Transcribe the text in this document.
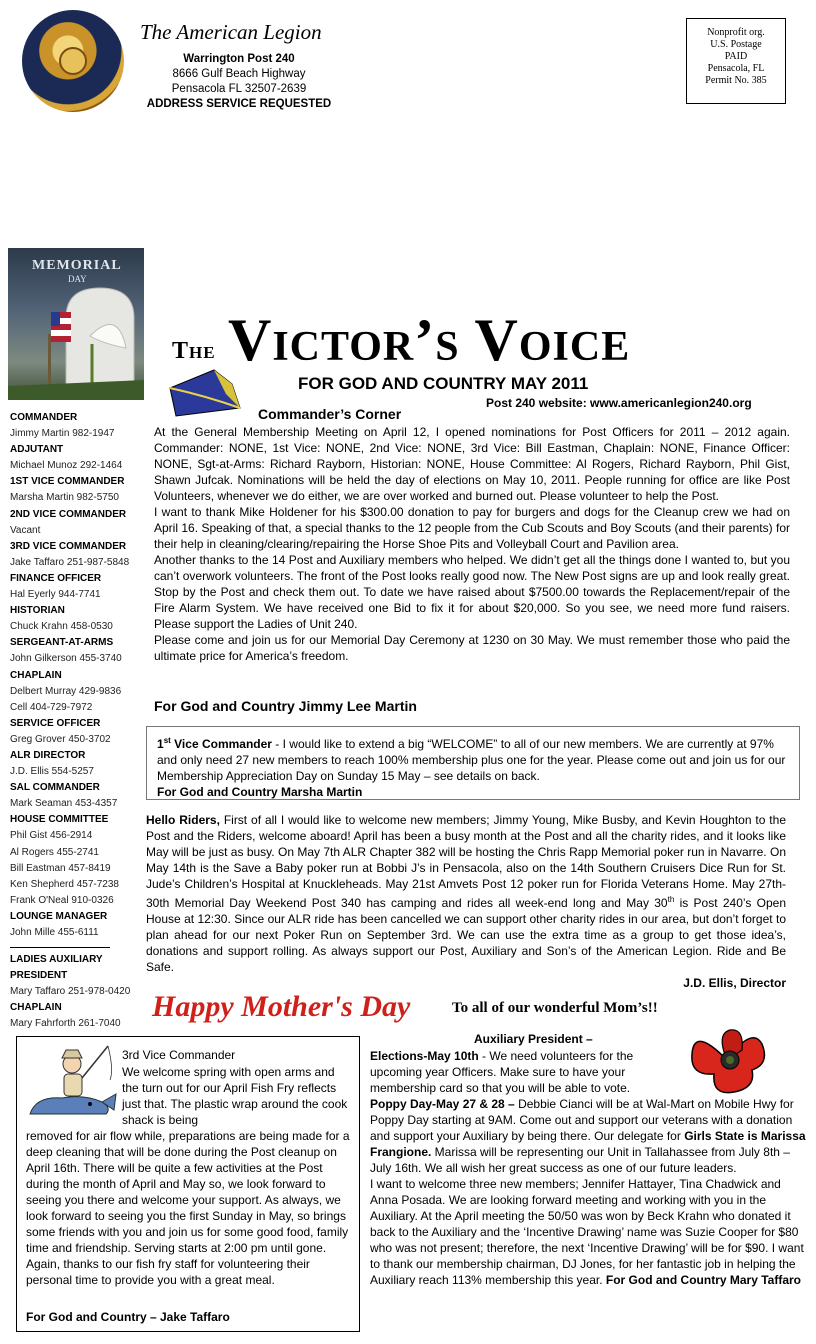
The American Legion
Warrington Post 240
8666 Gulf Beach Highway
Pensacola FL 32507-2639
ADDRESS SERVICE REQUESTED
Nonprofit org.
U.S. Postage
PAID
Pensacola, FL
Permit No. 385
MEMORIAL
DAY
The Victor’s Voice
FOR GOD AND COUNTRY MAY 2011
Post 240 website: www.americanlegion240.org
Commander’s Corner
COMMANDER
Jimmy Martin 982-1947
ADJUTANT
Michael Munoz 292-1464
1ST VICE COMMANDER
Marsha Martin 982-5750
2ND VICE COMMANDER
Vacant
3RD VICE COMMANDER
Jake Taffaro 251-987-5848
FINANCE OFFICER
Hal Eyerly 944-7741
HISTORIAN
Chuck Krahn 458-0530
SERGEANT-AT-ARMS
John Gilkerson 455-3740
CHAPLAIN
Delbert Murray 429-9836
Cell 404-729-7972
SERVICE OFFICER
Greg Grover 450-3702
ALR DIRECTOR
J.D. Ellis 554-5257
SAL COMMANDER
Mark Seaman 453-4357
HOUSE COMMITTEE
Phil Gist 456-2914
Al Rogers 455-2741
Bill Eastman 457-8419
Ken Shepherd 457-7238
Frank O'Neal 910-0326
LOUNGE MANAGER
John Mille 455-6111
LADIES AUXILIARY PRESIDENT
Mary Taffaro 251-978-0420
CHAPLAIN
Mary Fahrforth 261-7040

At the General Membership Meeting on April 12, I opened nominations for Post Officers for 2011 – 2012 again. Commander: NONE, 1st Vice: NONE, 2nd Vice: NONE, 3rd Vice: Bill Eastman, Chaplain: NONE, Finance Officer: NONE, Sgt-at-Arms: Richard Rayborn, Historian: NONE, House Committee: Al Rogers, Richard Rayborn, Phil Gist, Shawn Jufcak. Nominations will be held the day of elections on May 10, 2011. People running for office are like Post Volunteers, whenever we do either, we are over worked and burned out. Please volunteer to help the Post.

I want to thank Mike Holdener for his $300.00 donation to pay for burgers and dogs for the Cleanup crew we had on April 16. Speaking of that, a special thanks to the 12 people from the Cub Scouts and Boy Scouts (and their parents) for their help in cleaning/clearing/repairing the Horse Shoe Pits and Volleyball Court and Pavilion area.

Another thanks to the 14 Post and Auxiliary members who helped. We didn’t get all the things done I wanted to, but you can’t overwork volunteers. The front of the Post looks really good now. The New Post signs are up and look really great. Stop by the Post and check them out. To date we have raised about $7500.00 towards the Replacement/repair of the Fire Alarm System. We have received one Bid to fix it for about $20,000. So you see, we need more fund raisers. Please support the Ladies of Unit 240.

Please come and join us for our Memorial Day Ceremony at 1230 on 30 May. We must remember those who paid the ultimate price for America’s freedom.

For God and Country Jimmy Lee Martin
1st Vice Commander - I would like to extend a big “WELCOME” to all of our new members. We are currently at 97% and only need 27 new members to reach 100% membership plus one for the year. Please come out and join us for our Membership Appreciation Day on Sunday 15 May – see details on back.
For God and Country Marsha Martin
Hello Riders, First of all I would like to welcome new members; Jimmy Young, Mike Busby, and Kevin Houghton to the Post and the Riders, welcome aboard! April has been a busy month at the Post and all the charity rides, and it looks like May will be just as busy. On May 7th ALR Chapter 382 will be hosting the Chris Rapp Memorial poker run in Navarre. On May 14th is the Save a Baby poker run at Bobbi J’s in Pensacola, also on the 14th Southern Cruisers Dice Run for St. Jude’s Children’s Hospital at Knuckleheads. May 21st Amvets Post 12 poker run for Florida Veterans Home. May 27th-30th Memorial Day Weekend Post 340 has camping and rides all week-end long and May 30th is Post 240’s Open House at 12:30. Since our ALR ride has been cancelled we can support other charity rides in our area, but don’t forget to plan ahead for our next Poker Run on September 3rd. We can use the extra time as a group to get those idea’s, donations and support rolling. As always support our Post, Auxiliary and Son’s of the American Legion. Ride and Be Safe.
J.D. Ellis, Director
Happy Mother's Day	To all of our wonderful Mom’s!!
3rd Vice Commander
We welcome spring with open arms and the turn out for our April Fish Fry reflects just that. The plastic wrap around the cook shack is being
removed for air flow while, preparations are being made for a deep cleaning that will be done during the Post cleanup on April 16th. There will be quite a few activities at the Post during the month of April and May so, we look forward to seeing you there and welcome your support. As always, we look forward to seeing you the first Sunday in May, so brings some friends with you and join us for some good food, family time and friendship. Serving starts at 2:00 pm until gone. Again, thanks to our fish fry staff for volunteering their personal time to provide you with a great meal.
For God and Country – Jake Taffaro
Auxiliary President –

Elections-May 10th - We need volunteers for the upcoming year Officers. Make sure to have your membership card so that you will be able to vote.

Poppy Day-May 27 & 28 – Debbie Cianci will be at Wal-Mart on Mobile Hwy for Poppy Day starting at 9AM. Come out and support our veterans with a donation and support your Auxiliary by being there. Our delegate for Girls State is Marissa Frangione. Marissa will be representing our Unit in Tallahassee from July 8th – July 16th. We all wish her great success as one of our future leaders.

I want to welcome three new members; Jennifer Hattayer, Tina Chadwick and Anna Posada. We are looking forward meeting and working with you in the Auxiliary. At the April meeting the 50/50 was won by Beck Krahn who donated it back to the Auxiliary and the ‘Incentive Drawing’ name was Suzie Cooper for $80 who was not present; therefore, the next ‘Incentive Drawing’ will be for $90. I want to thank our membership chairman, DJ Jones, for her fantastic job in helping the Auxiliary reach 113% membership this year. For God and Country Mary Taffaro
